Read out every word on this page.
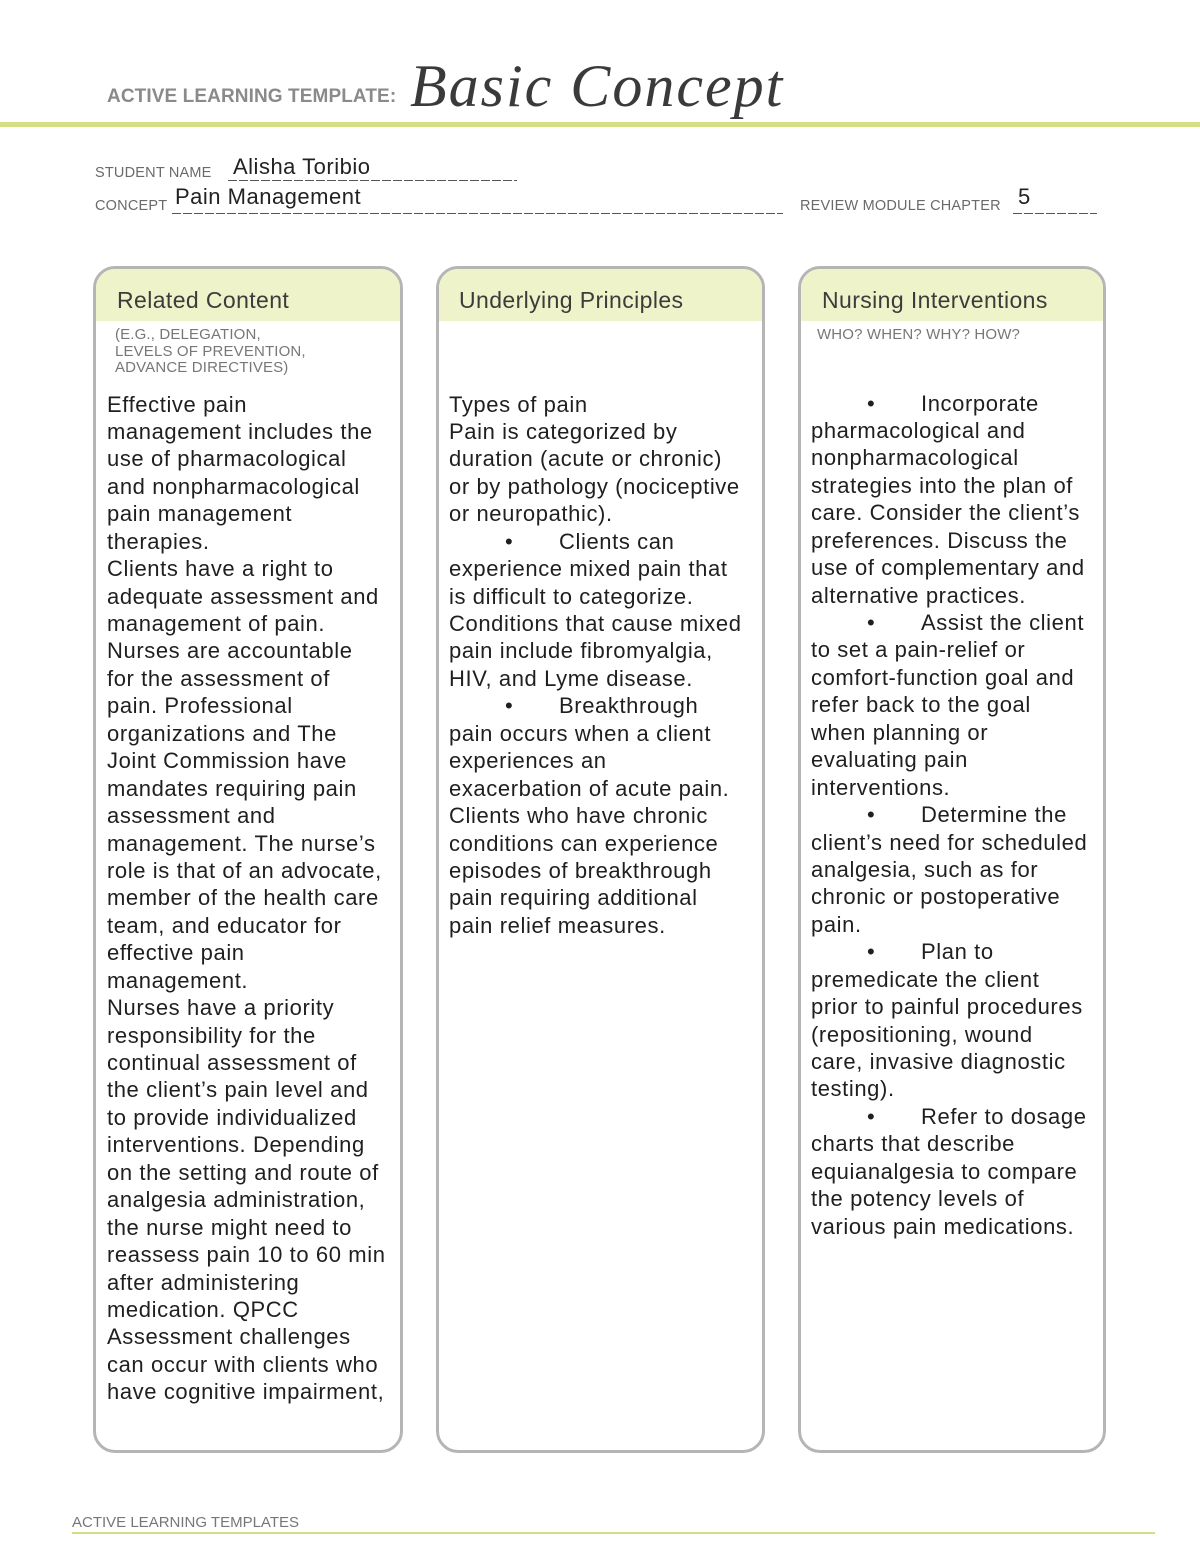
ACTIVE LEARNING TEMPLATE: Basic Concept
STUDENT NAME Alisha Toribio
CONCEPT Pain Management	REVIEW MODULE CHAPTER 5
Related Content
(E.G., DELEGATION,
LEVELS OF PREVENTION,
ADVANCE DIRECTIVES)
Effective pain
management includes the
use of pharmacological
and nonpharmacological
pain management
therapies.
Clients have a right to
adequate assessment and
management of pain.
Nurses are accountable
for the assessment of
pain. Professional
organizations and The
Joint Commission have
mandates requiring pain
assessment and
management. The nurse’s
role is that of an advocate,
member of the health care
team, and educator for
effective pain
management.
Nurses have a priority
responsibility for the
continual assessment of
the client’s pain level and
to provide individualized
interventions. Depending
on the setting and route of
analgesia administration,
the nurse might need to
reassess pain 10 to 60 min
after administering
medication. QPCC
Assessment challenges
can occur with clients who
have cognitive impairment,
Underlying Principles
Types of pain
Pain is categorized by
duration (acute or chronic)
or by pathology (nociceptive
or neuropathic).
• Clients can
experience mixed pain that
is difficult to categorize.
Conditions that cause mixed
pain include fibromyalgia,
HIV, and Lyme disease.
• Breakthrough
pain occurs when a client
experiences an
exacerbation of acute pain.
Clients who have chronic
conditions can experience
episodes of breakthrough
pain requiring additional
pain relief measures.
Nursing Interventions
WHO? WHEN? WHY? HOW?
• Incorporate
pharmacological and
nonpharmacological
strategies into the plan of
care. Consider the client’s
preferences. Discuss the
use of complementary and
alternative practices.
• Assist the client
to set a pain-relief or
comfort-function goal and
refer back to the goal
when planning or
evaluating pain
interventions.
• Determine the
client’s need for scheduled
analgesia, such as for
chronic or postoperative
pain.
• Plan to
premedicate the client
prior to painful procedures
(repositioning, wound
care, invasive diagnostic
testing).
• Refer to dosage
charts that describe
equianalgesia to compare
the potency levels of
various pain medications.
ACTIVE LEARNING TEMPLATES
